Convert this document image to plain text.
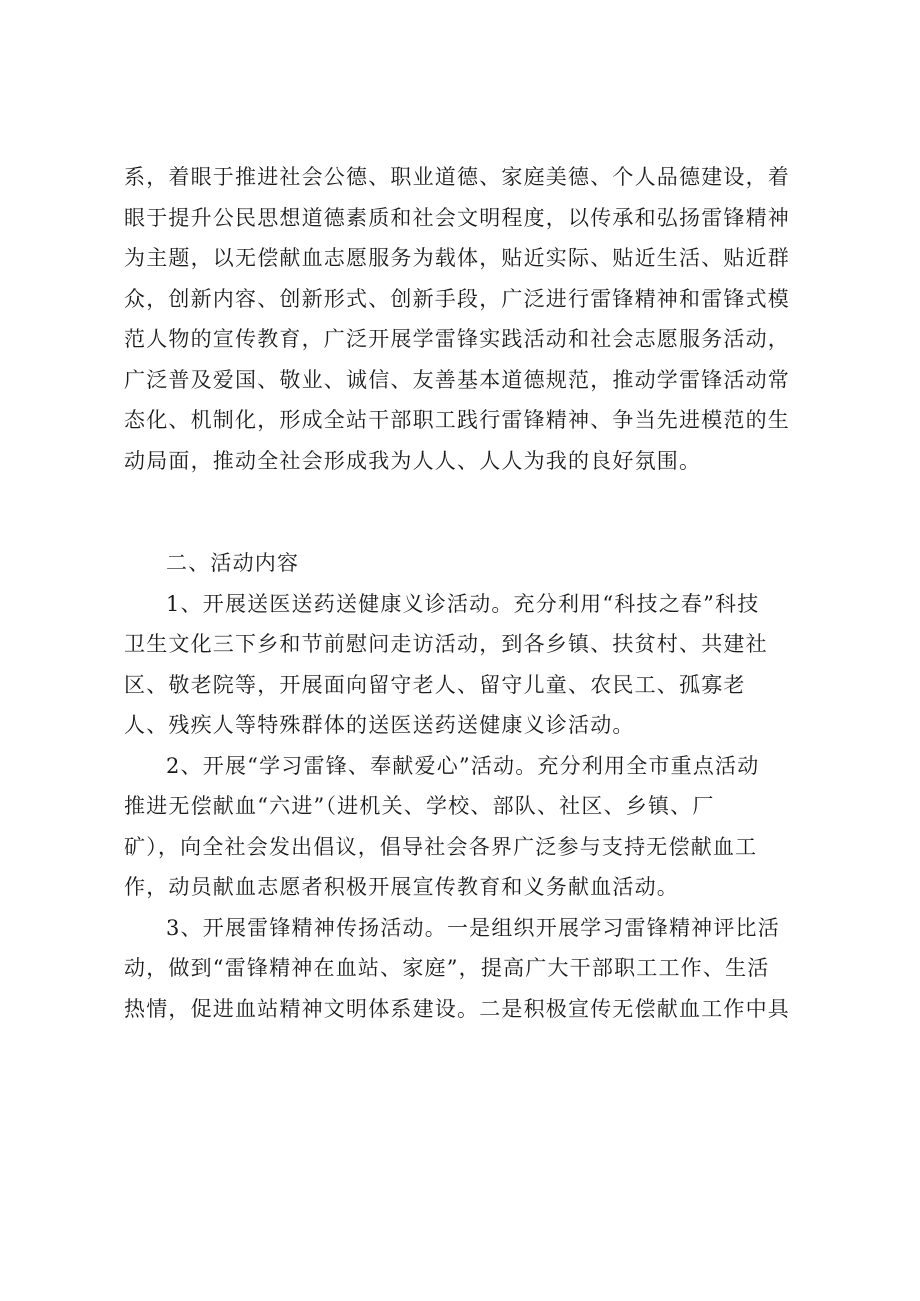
系，着眼于推进社会公德、职业道德、家庭美德、个人品德建设，着
眼于提升公民思想道德素质和社会文明程度，以传承和弘扬雷锋精神
为主题，以无偿献血志愿服务为载体，贴近实际、贴近生活、贴近群
众，创新内容、创新形式、创新手段，广泛进行雷锋精神和雷锋式模
范人物的宣传教育，广泛开展学雷锋实践活动和社会志愿服务活动，
广泛普及爱国、敬业、诚信、友善基本道德规范，推动学雷锋活动常
态化、机制化，形成全站干部职工践行雷锋精神、争当先进模范的生
动局面，推动全社会形成我为人人、人人为我的良好氛围。
二、活动内容
1、开展送医送药送健康义诊活动。充分利用“科技之春”科技
卫生文化三下乡和节前慰问走访活动，到各乡镇、扶贫村、共建社
区、敬老院等，开展面向留守老人、留守儿童、农民工、孤寡老
人、残疾人等特殊群体的送医送药送健康义诊活动。
2、开展“学习雷锋、奉献爱心”活动。充分利用全市重点活动
推进无偿献血“六进”（进机关、学校、部队、社区、乡镇、厂
矿），向全社会发出倡议，倡导社会各界广泛参与支持无偿献血工
作，动员献血志愿者积极开展宣传教育和义务献血活动。
3、开展雷锋精神传扬活动。一是组织开展学习雷锋精神评比活
动，做到“雷锋精神在血站、家庭”，提高广大干部职工工作、生活
热情，促进血站精神文明体系建设。二是积极宣传无偿献血工作中具
